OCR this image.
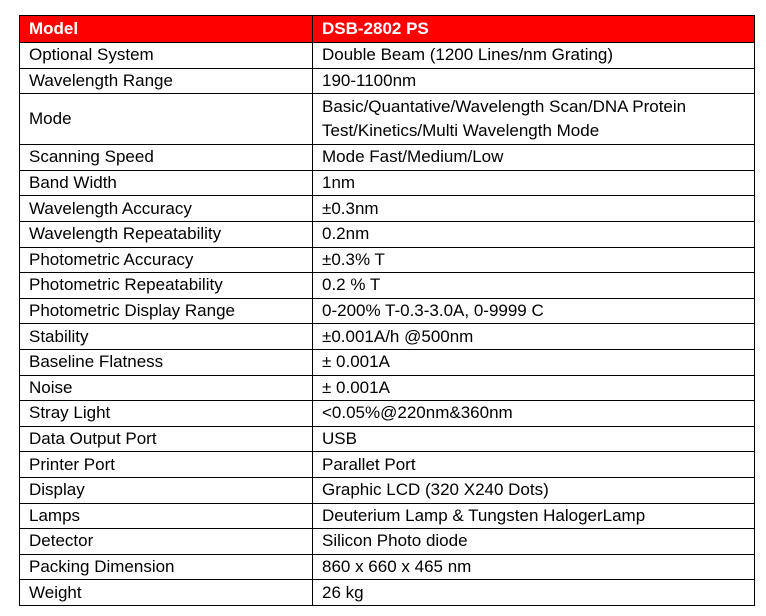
Model	DSB-2802 PS
Optional System	Double Beam (1200 Lines/nm Grating)
Wavelength Range	190-1100nm
Mode	Basic/Quantative/Wavelength Scan/DNA Protein Test/Kinetics/Multi Wavelength Mode
Scanning Speed	Mode Fast/Medium/Low
Band Width	1nm
Wavelength Accuracy	±0.3nm
Wavelength Repeatability	0.2nm
Photometric Accuracy	±0.3% T
Photometric Repeatability	0.2 % T
Photometric Display Range	0-200% T-0.3-3.0A, 0-9999 C
Stability	±0.001A/h @500nm
Baseline Flatness	± 0.001A
Noise	± 0.001A
Stray Light	<0.05%@220nm&360nm
Data Output Port	USB
Printer Port	Parallet Port
Display	Graphic LCD (320 X240 Dots)
Lamps	Deuterium Lamp & Tungsten HalogerLamp
Detector	Silicon Photo diode
Packing Dimension	860 x 660 x 465 nm
Weight	26 kg
